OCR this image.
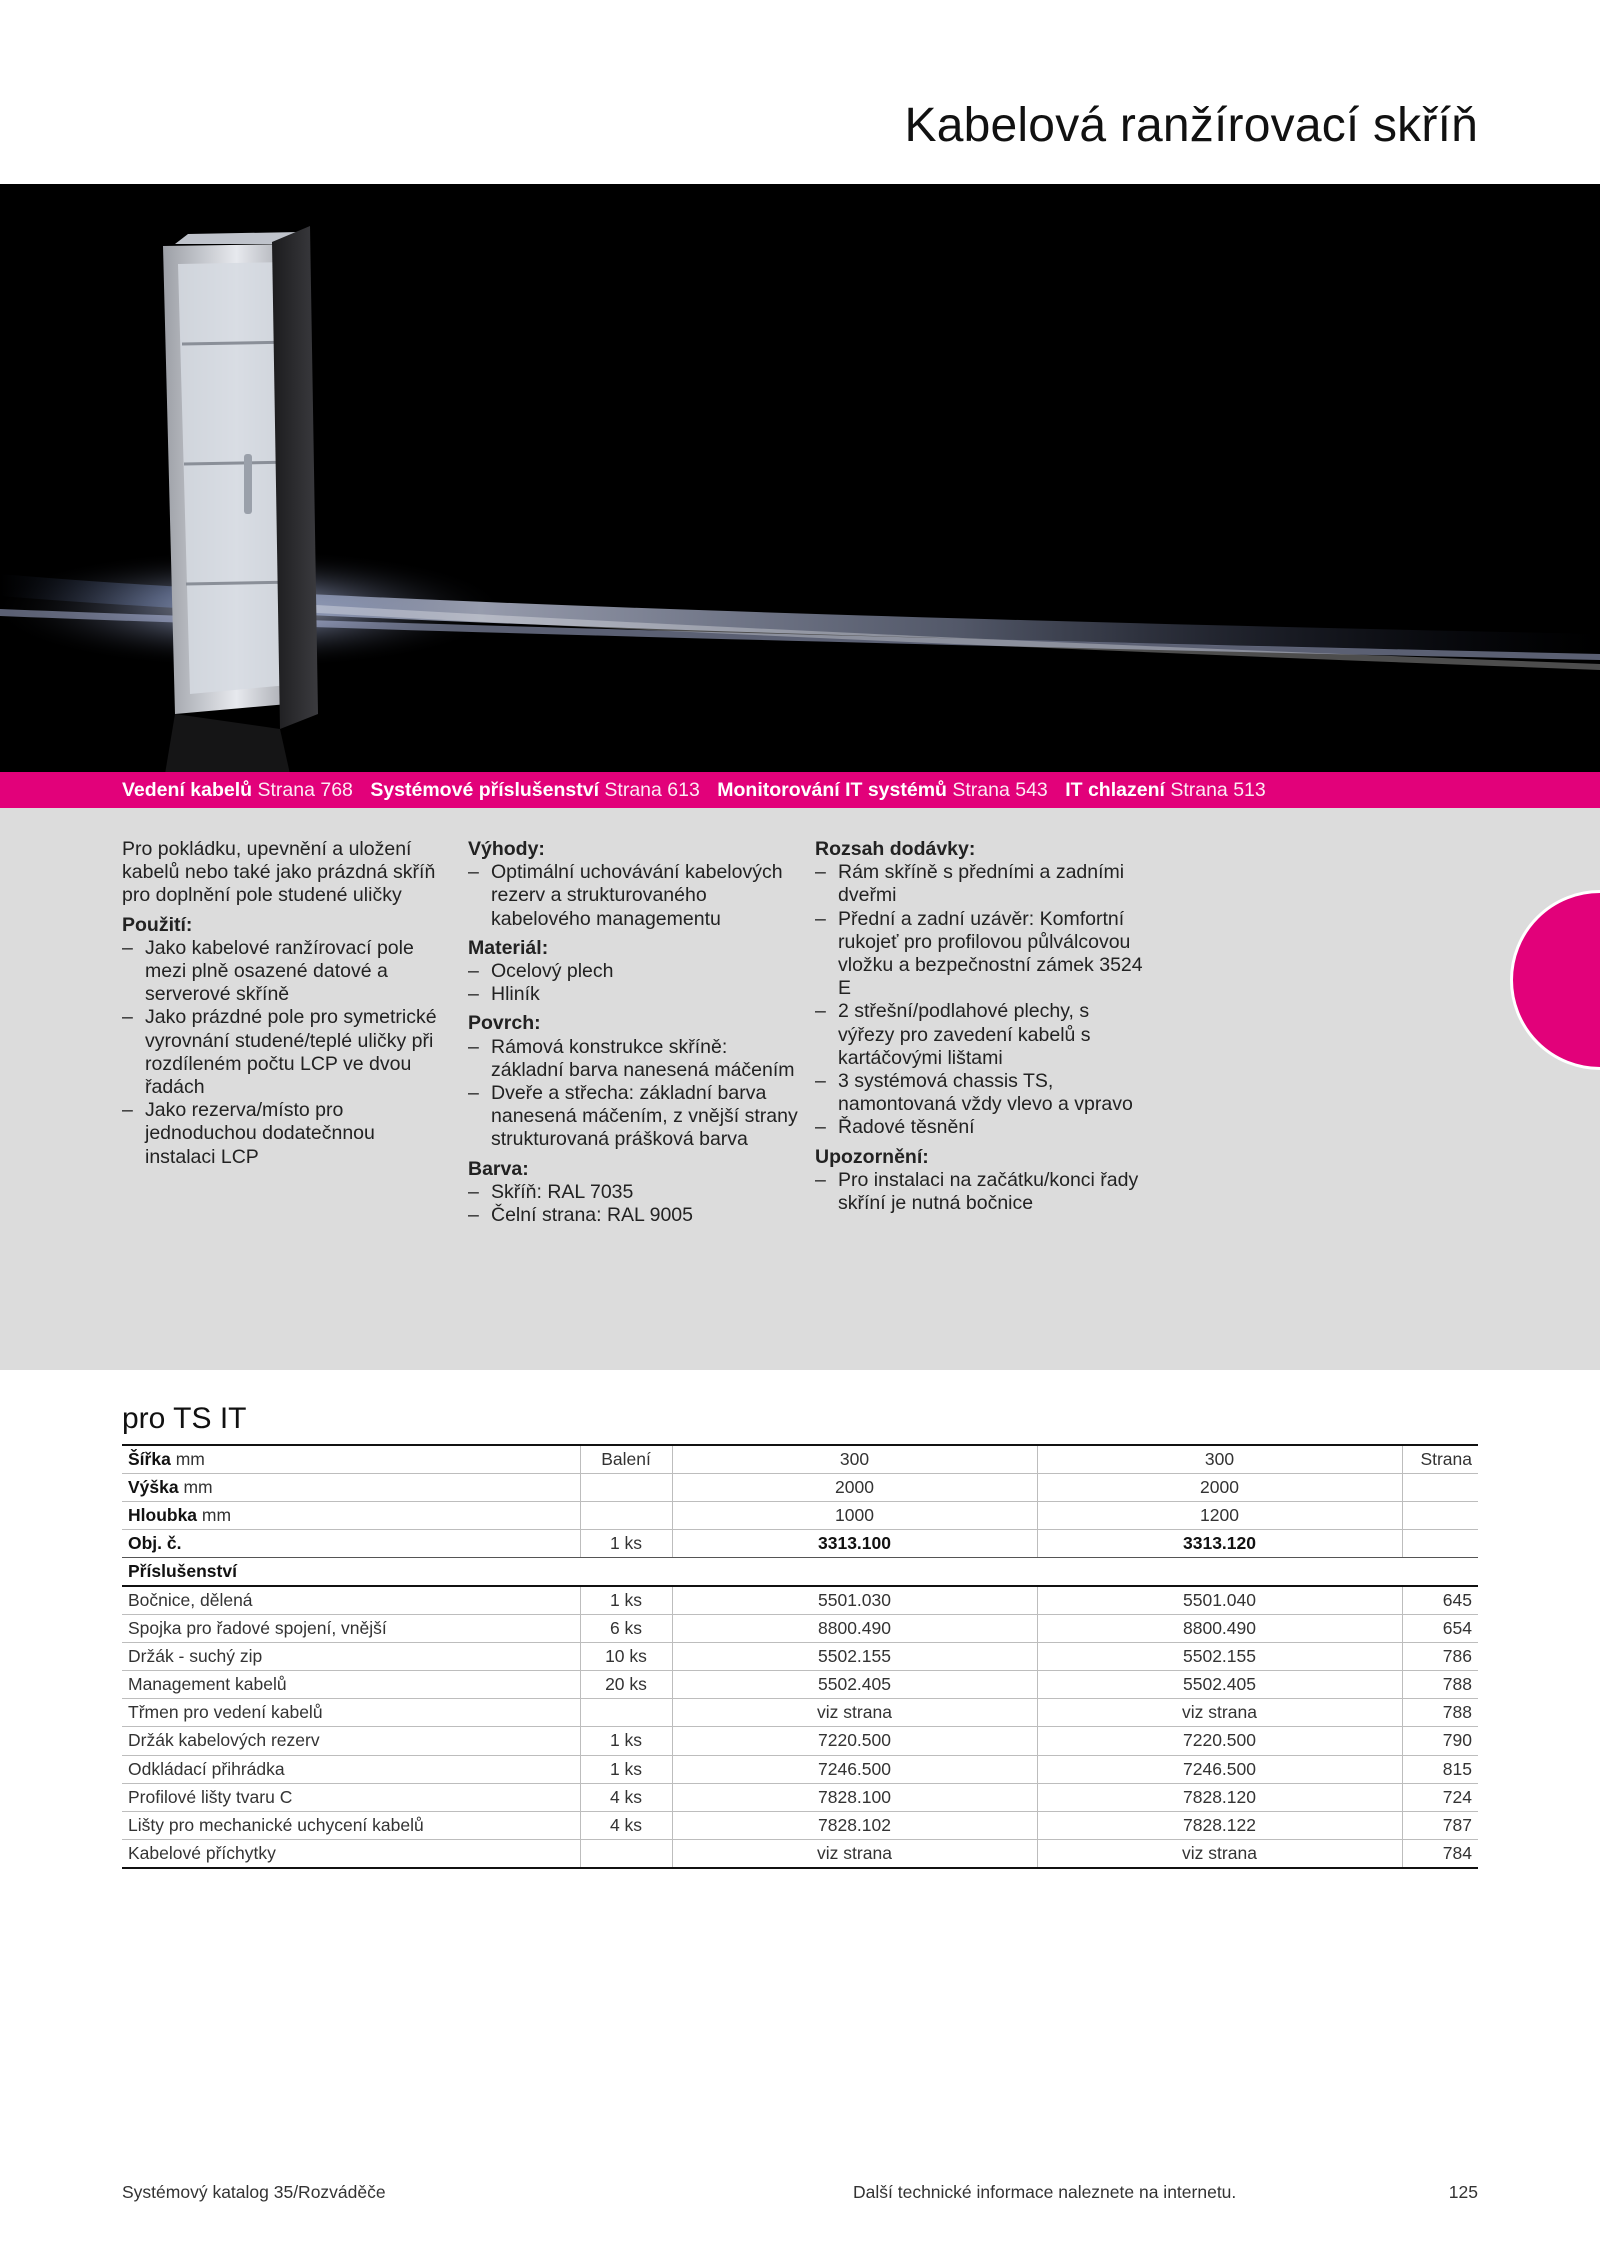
Kabelová ranžírovací skříň
Vedení kabelů Strana 768 Systémové příslušenství Strana 613 Monitorování IT systémů Strana 543 IT chlazení Strana 513

Pro pokládku, upevnění a uložení kabelů nebo také jako prázdná skříň pro doplnění pole studené uličky

Použití:
– Jako kabelové ranžírovací pole mezi plně osazené datové a serverové skříně
– Jako prázdné pole pro symetrické vyrovnání studené/teplé uličky při rozdíleném počtu LCP ve dvou řadách
– Jako rezerva/místo pro jednoduchou dodatečnnou instalaci LCP
Výhody:
– Optimální uchovávání kabelových rezerv a strukturovaného kabelového managementu
Materiál:
– Ocelový plech
– Hliník
Povrch:
– Rámová konstrukce skříně: základní barva nanesená máčením
– Dveře a střecha: základní barva nanesená máčením, z vnější strany strukturovaná prášková barva
Barva:
– Skříň: RAL 7035
– Čelní strana: RAL 9005
Rozsah dodávky:
– Rám skříně s předními a zadními dveřmi
– Přední a zadní uzávěr: Komfortní rukojeť pro profilovou půlválcovou vložku a bezpečnostní zámek 3524 E
– 2 střešní/podlahové plechy, s výřezy pro zavedení kabelů s kartáčovými lištami
– 3 systémová chassis TS, namontovaná vždy vlevo a vpravo
– Řadové těsnění
Upozornění:
– Pro instalaci na začátku/konci řady skříní je nutná bočnice
pro TS IT
Šířka mm	Balení	300	300	Strana
Výška mm		2000	2000	
Hloubka mm		1000	1200	
Obj. č.	1 ks	3313.100	3313.120	
Příslušenství				
Bočnice, dělená	1 ks	5501.030	5501.040	645
Spojka pro řadové spojení, vnější	6 ks	8800.490	8800.490	654
Držák - suchý zip	10 ks	5502.155	5502.155	786
Management kabelů	20 ks	5502.405	5502.405	788
Třmen pro vedení kabelů		viz strana	viz strana	788
Držák kabelových rezerv	1 ks	7220.500	7220.500	790
Odkládací přihrádka	1 ks	7246.500	7246.500	815
Profilové lišty tvaru C	4 ks	7828.100	7828.120	724
Lišty pro mechanické uchycení kabelů	4 ks	7828.102	7828.122	787
Kabelové příchytky		viz strana	viz strana	784
Systémový katalog 35/Rozváděče	Další technické informace naleznete na internetu.	125
